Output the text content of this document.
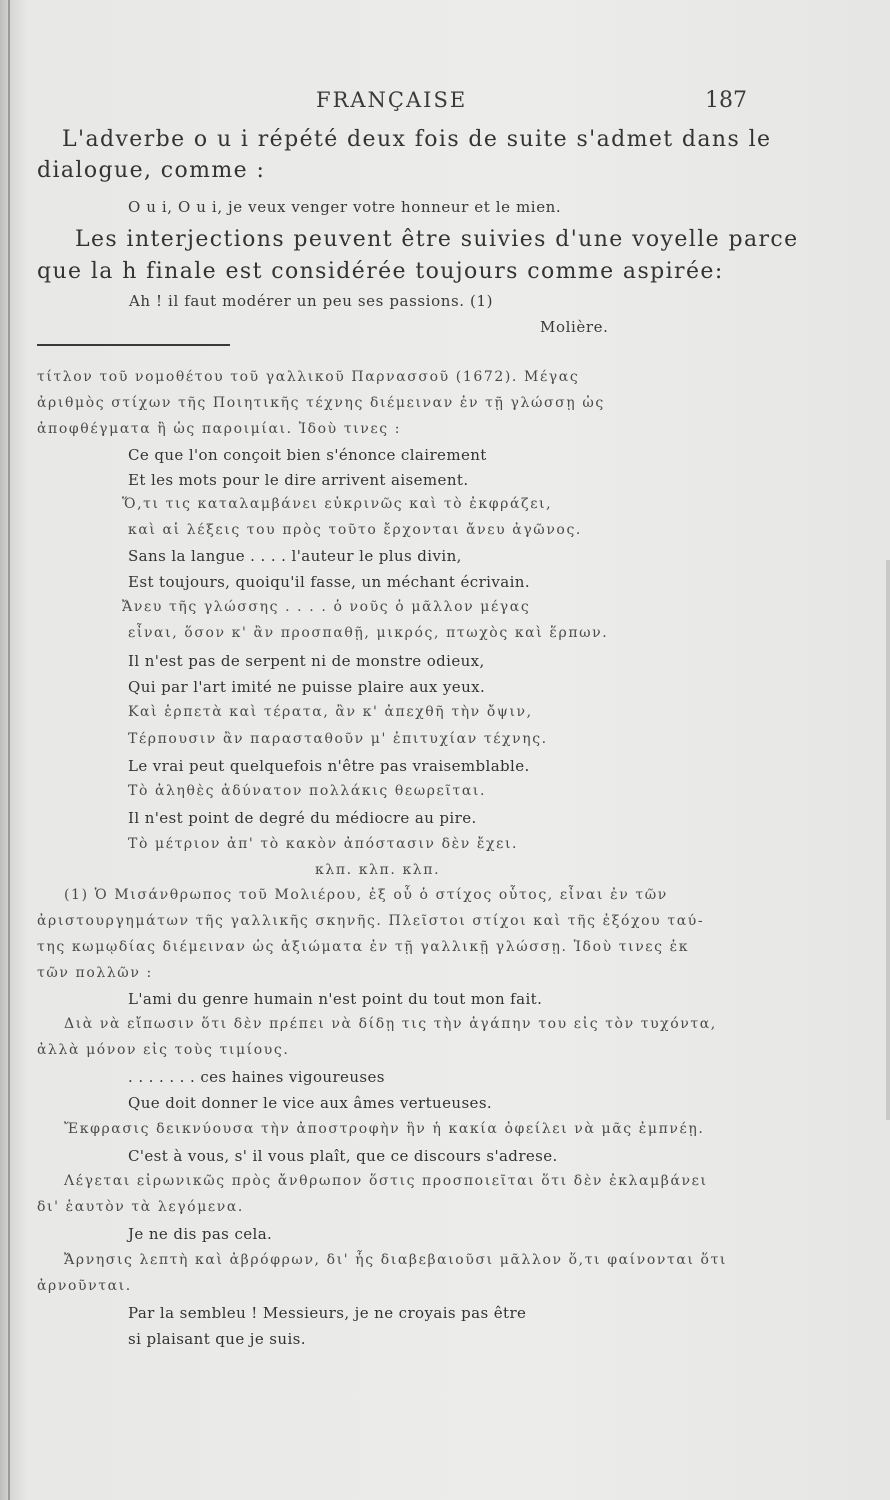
FRANÇAISE	187
L'adverbe o u i répété deux fois de suite s'admet dans le
dialogue, comme :
O u i, O u i, je veux venger votre honneur et le mien.
Les interjections peuvent être suivies d'une voyelle parce
que la h finale est considérée toujours comme aspirée:
Ah ! il faut modérer un peu ses passions. (1)
Molière.
τίτλον τοῦ νομοθέτου τοῦ γαλλικοῦ Παρνασσοῦ (1672). Μέγας
ἀριθμὸς στίχων τῆς Ποιητικῆς τέχνης διέμειναν ἐν τῇ γλώσσῃ ὡς
ἀποφθέγματα ἢ ὡς παροιμίαι. Ἰδοὺ τινες :
Ce que l'on conçoit bien s'énonce clairement
Et les mots pour le dire arrivent aisement.
Ὅ,τι τις καταλαμβάνει εὐκρινῶς καὶ τὸ ἐκφράζει,
καὶ αἱ λέξεις του πρὸς τοῦτο ἔρχονται ἄνευ ἀγῶνος.
Sans la langue . . . . l'auteur le plus divin,
Est toujours, quoiqu'il fasse, un méchant écrivain.
Ἄνευ τῆς γλώσσης . . . . ὁ νοῦς ὁ μᾶλλον μέγας
εἶναι, ὅσον κ' ἂν προσπαθῇ, μικρός, πτωχὸς καὶ ἕρπων.
Il n'est pas de serpent ni de monstre odieux,
Qui par l'art imité ne puisse plaire aux yeux.
Καὶ ἑρπετὰ καὶ τέρατα, ἂν κ' ἀπεχθῆ τὴν ὄψιν,
Τέρπουσιν ἂν παρασταθοῦν μ' ἐπιτυχίαν τέχνης.
Le vrai peut quelquefois n'être pas vraisemblable.
Τὸ ἀληθὲς ἀδύνατον πολλάκις θεωρεῖται.
Il n'est point de degré du médiocre au pire.
Τὸ μέτριον ἀπ' τὸ κακὸν ἀπόστασιν δὲν ἔχει.
κλπ. κλπ. κλπ.
(1) Ὁ Μισάνθρωπος τοῦ Μολιέρου, ἐξ οὗ ὁ στίχος οὗτος, εἶναι ἐν τῶν
ἀριστουργημάτων τῆς γαλλικῆς σκηνῆς. Πλεῖστοι στίχοι καὶ τῆς ἐξόχου ταύ-
της κωμῳδίας διέμειναν ὡς ἀξιώματα ἐν τῇ γαλλικῇ γλώσσῃ. Ἰδοὺ τινες ἐκ
τῶν πολλῶν :
L'ami du genre humain n'est point du tout mon fait.
Διὰ νὰ εἴπωσιν ὅτι δὲν πρέπει νὰ δίδῃ τις τὴν ἀγάπην του εἰς τὸν τυχόντα,
ἀλλὰ μόνον εἰς τοὺς τιμίους.
. . . . . . . ces haines vigoureuses
Que doit donner le vice aux âmes vertueuses.
Ἔκφρασις δεικνύουσα τὴν ἀποστροφὴν ἣν ἡ κακία ὀφείλει νὰ μᾶς ἐμπνέῃ.
C'est à vous, s' il vous plaît, que ce discours s'adrese.
Λέγεται εἰρωνικῶς πρὸς ἄνθρωπον ὅστις προσποιεῖται ὅτι δὲν ἐκλαμβάνει
δι' ἑαυτὸν τὰ λεγόμενα.
Je ne dis pas cela.
Ἄρνησις λεπτὴ καὶ ἀβρόφρων, δι' ἧς διαβεβαιοῦσι μᾶλλον ὅ,τι φαίνονται ὅτι
ἀρνοῦνται.
Par la sembleu ! Messieurs, je ne croyais pas être
si plaisant que je suis.
